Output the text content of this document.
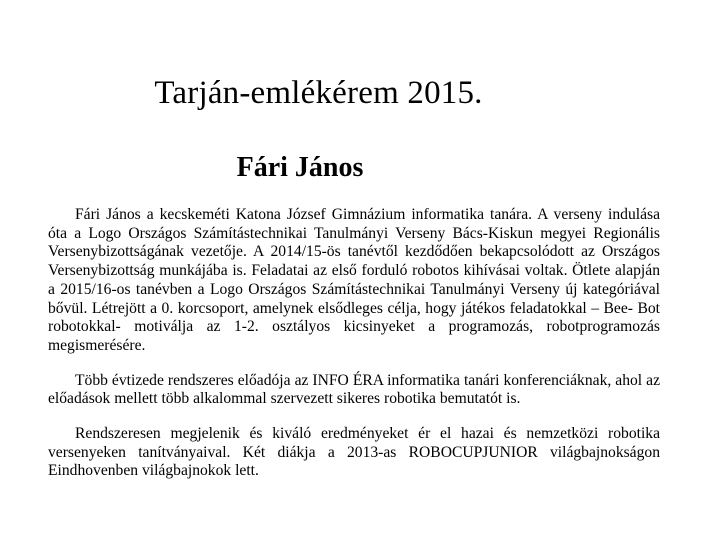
Tarján-emlékérem 2015.
Fári János

Fári János a kecskeméti Katona József Gimnázium informatika tanára. A verseny indulása óta a Logo Országos Számítástechnikai Tanulmányi Verseny Bács-Kiskun megyei Regionális Versenybizottságának vezetője. A 2014/15-ös tanévtől kezdődően bekapcsolódott az Országos Versenybizottság munkájába is. Feladatai az első forduló robotos kihívásai voltak. Ötlete alapján a 2015/16-os tanévben a Logo Országos Számítástechnikai Tanulmányi Verseny új kategóriával bővül. Létrejött a 0. korcsoport, amelynek elsődleges célja, hogy játékos feladatokkal – Bee- Bot robotokkal- motiválja az 1-2. osztályos kicsinyeket a programozás, robotprogramozás megismerésére.

Több évtizede rendszeres előadója az INFO ÉRA informatika tanári konferenciáknak, ahol az előadások mellett több alkalommal szervezett sikeres robotika bemutatót is.

Rendszeresen megjelenik és kiváló eredményeket ér el hazai és nemzetközi robotika versenyeken tanítványaival. Két diákja a 2013-as ROBOCUPJUNIOR világbajnokságon Eindhovenben világbajnokok lett.
